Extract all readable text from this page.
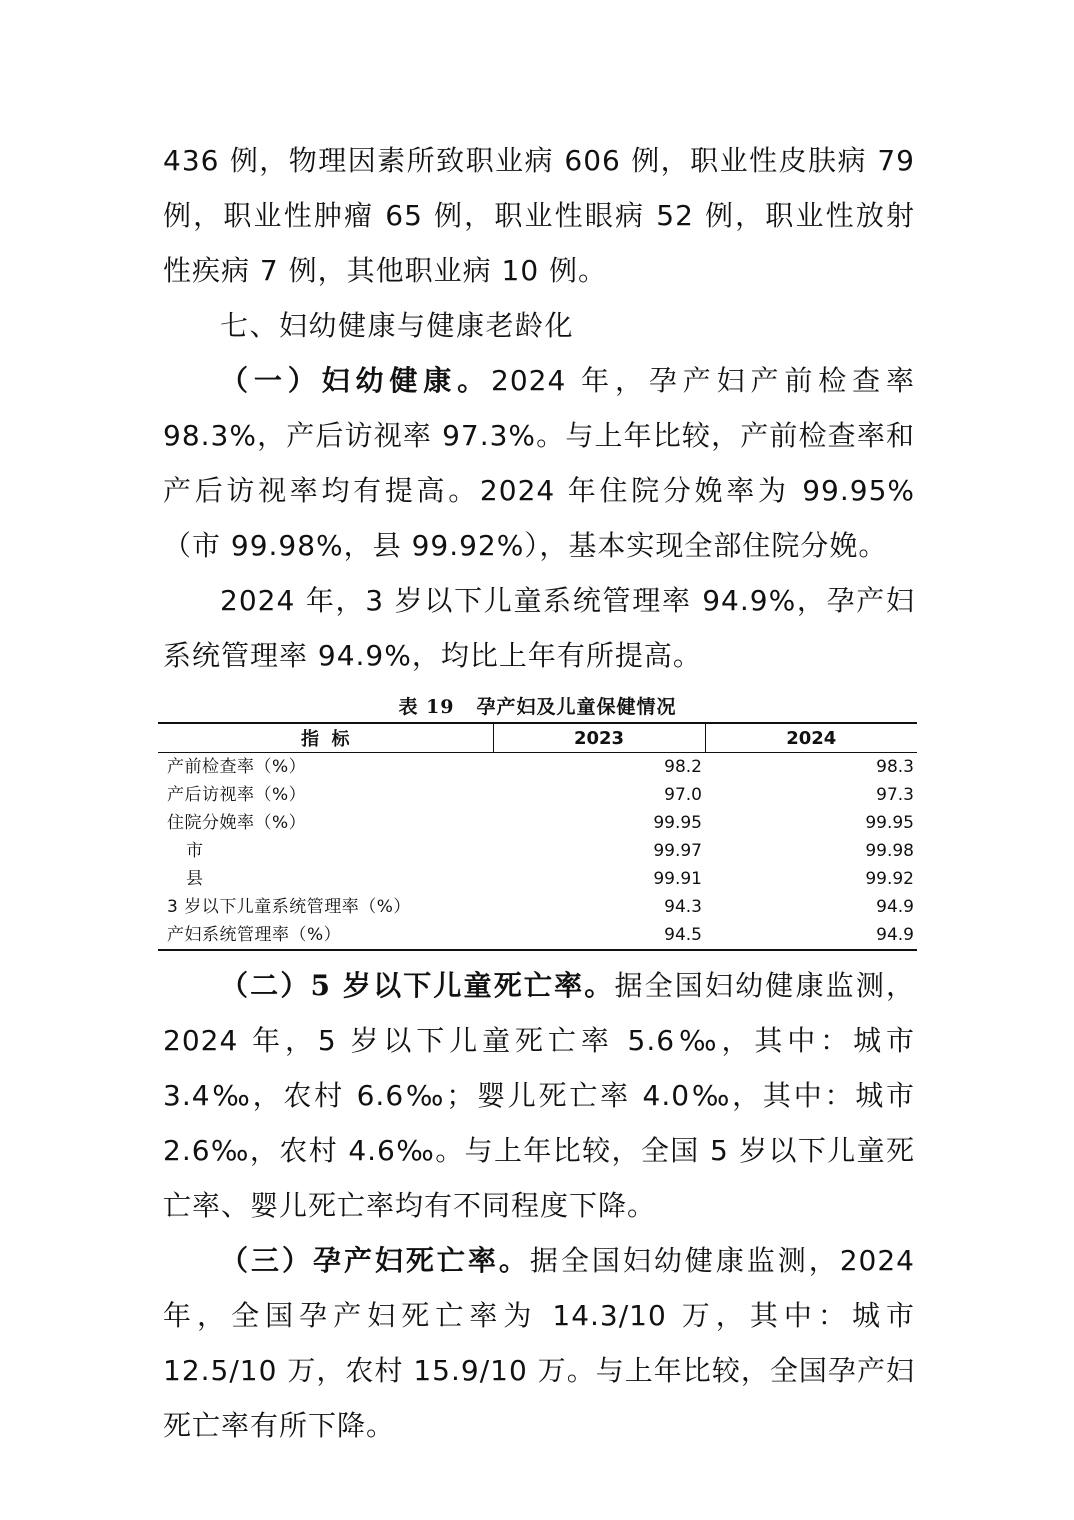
436 例，物理因素所致职业病 606 例，职业性皮肤病 79 例，职业性肿瘤 65 例，职业性眼病 52 例，职业性放射性疾病 7 例，其他职业病 10 例。

七、妇幼健康与健康老龄化

（一）妇幼健康。2024 年，孕产妇产前检查率 98.3%，产后访视率 97.3%。与上年比较，产前检查率和产后访视率均有提高。2024 年住院分娩率为 99.95%（市 99.98%，县 99.92%），基本实现全部住院分娩。

2024 年，3 岁以下儿童系统管理率 94.9%，孕产妇系统管理率 94.9%，均比上年有所提高。

表 19 孕产妇及儿童保健情况
指  标	2023	2024
产前检查率（%）	98.2	98.3
产后访视率（%）	97.0	97.3
住院分娩率（%）	99.95	99.95
市	99.97	99.98
县	99.91	99.92
3 岁以下儿童系统管理率（%）	94.3	94.9
产妇系统管理率（%）	94.5	94.9

（二）5 岁以下儿童死亡率。据全国妇幼健康监测，2024 年，5 岁以下儿童死亡率 5.6‰，其中：城市 3.4‰，农村 6.6‰；婴儿死亡率 4.0‰，其中：城市 2.6‰，农村 4.6‰。与上年比较，全国 5 岁以下儿童死亡率、婴儿死亡率均有不同程度下降。

（三）孕产妇死亡率。据全国妇幼健康监测，2024 年，全国孕产妇死亡率为 14.3/10 万，其中：城市 12.5/10 万，农村 15.9/10 万。与上年比较，全国孕产妇死亡率有所下降。
